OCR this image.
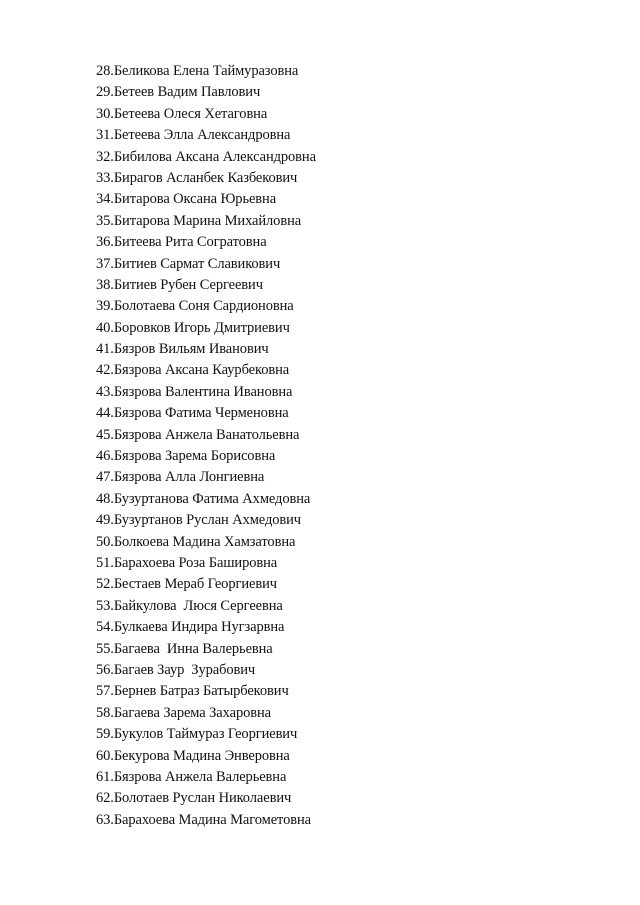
28.Беликова Елена Таймуразовна
29.Бетеев Вадим Павлович
30.Бетеева Олеся Хетаговна
31.Бетеева Элла Александровна
32.Бибилова Аксана Александровна
33.Бирагов Асланбек Казбекович
34.Битарова Оксана Юрьевна
35.Битарова Марина Михайловна
36.Битеева Рита Согратовна
37.Битиев Сармат Славикович
38.Битиев Рубен Сергеевич
39.Болотаева Соня Сардионовна
40.Боровков Игорь Дмитриевич
41.Бязров Вильям Иванович
42.Бязрова Аксана Каурбековна
43.Бязрова Валентина Ивановна
44.Бязрова Фатима Черменовна
45.Бязрова Анжела Ванатольевна
46.Бязрова Зарема Борисовна
47.Бязрова Алла Лонгиевна
48.Бузуртанова Фатима Ахмедовна
49.Бузуртанов Руслан Ахмедович
50.Болкоева Мадина Хамзатовна
51.Барахоева Роза Башировна
52.Бестаев Мераб Георгиевич
53.Байкулова  Люся Сергеевна
54.Булкаева Индира Нугзарвна
55.Багаева  Инна Валерьевна
56.Багаев Заур  Зурабович
57.Бернев Батраз Батырбекович
58.Багаева Зарема Захаровна
59.Букулов Таймураз Георгиевич
60.Бекурова Мадина Энверовна
61.Бязрова Анжела Валерьевна
62.Болотаев Руслан Николаевич
63.Барахоева Мадина Магометовна
